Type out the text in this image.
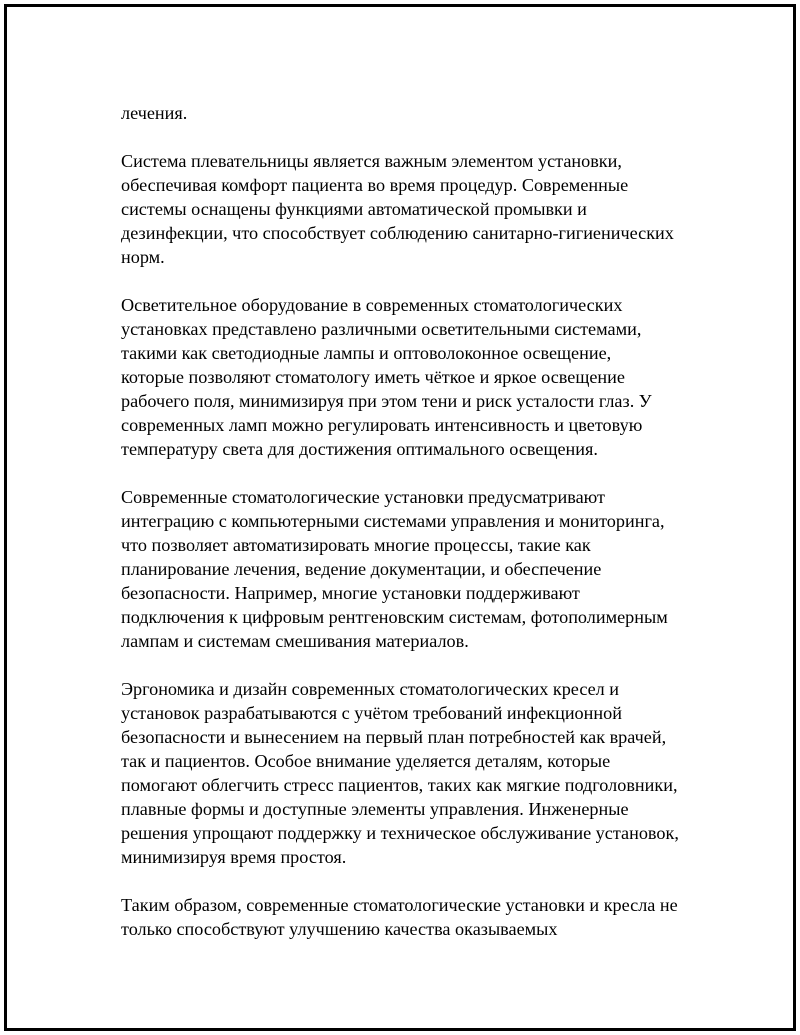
лечения.

Система плевательницы является важным элементом установки,
обеспечивая комфорт пациента во время процедур. Современные
системы оснащены функциями автоматической промывки и
дезинфекции, что способствует соблюдению санитарно-гигиенических
норм.

Осветительное оборудование в современных стоматологических
установках представлено различными осветительными системами,
такими как светодиодные лампы и оптоволоконное освещение,
которые позволяют стоматологу иметь чёткое и яркое освещение
рабочего поля, минимизируя при этом тени и риск усталости глаз. У
современных ламп можно регулировать интенсивность и цветовую
температуру света для достижения оптимального освещения.

Современные стоматологические установки предусматривают
интеграцию с компьютерными системами управления и мониторинга,
что позволяет автоматизировать многие процессы, такие как
планирование лечения, ведение документации, и обеспечение
безопасности. Например, многие установки поддерживают
подключения к цифровым рентгеновским системам, фотополимерным
лампам и системам смешивания материалов.

Эргономика и дизайн современных стоматологических кресел и
установок разрабатываются с учётом требований инфекционной
безопасности и вынесением на первый план потребностей как врачей,
так и пациентов. Особое внимание уделяется деталям, которые
помогают облегчить стресс пациентов, таких как мягкие подголовники,
плавные формы и доступные элементы управления. Инженерные
решения упрощают поддержку и техническое обслуживание установок,
минимизируя время простоя.

Таким образом, современные стоматологические установки и кресла не
только способствуют улучшению качества оказываемых
